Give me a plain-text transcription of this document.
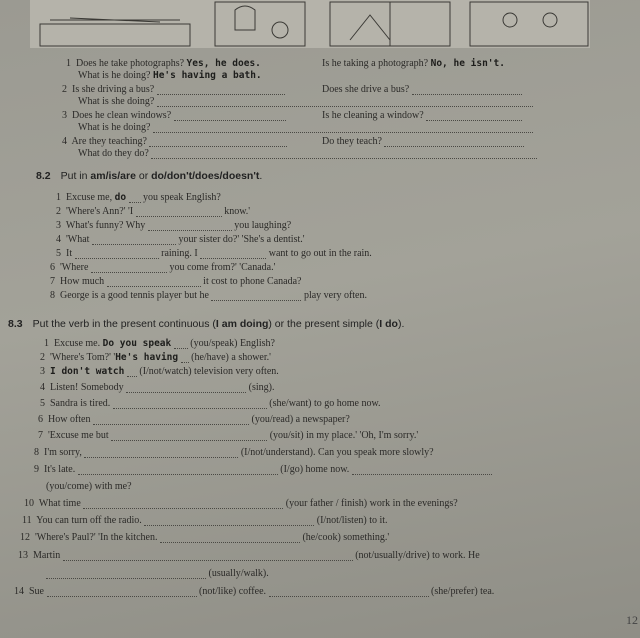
1 Does he take photographs? Yes, he does.	Is he taking a photograph? No, he isn't.
What is he doing? He's having a bath.
2 Is she driving a bus?	Does she drive a bus?
What is she doing?
3 Does he clean windows?	Is he cleaning a window?
What is he doing?
4 Are they teaching?	Do they teach?
What do they do?
8.2 Put in am/is/are or do/don't/does/doesn't.
1 Excuse me, do you speak English?
2 'Where's Ann?' 'I	know.'
3 What's funny? Why	you laughing?
4 'What	your sister do?' 'She's a dentist.'
5 It	raining. I	want to go out in the rain.
6 'Where	you come from?' 'Canada.'
7 How much	it cost to phone Canada?
8 George is a good tennis player but he	play very often.
8.3 Put the verb in the present continuous (I am doing) or the present simple (I do).
1 Excuse me. Do you speak (you/speak) English?
2 'Where's Tom?' 'He's having (he/have) a shower.'
3 I don't watch (I/not/watch) television very often.
4 Listen! Somebody	(sing).
5 Sandra is tired.	(she/want) to go home now.
6 How often	(you/read) a newspaper?
7 'Excuse me but	(you/sit) in my place.' 'Oh, I'm sorry.'
8 I'm sorry,	(I/not/understand). Can you speak more slowly?
9 It's late.	(I/go) home now.
(you/come) with me?
10 What time	(your father / finish) work in the evenings?
11 You can turn off the radio.	(I/not/listen) to it.
12 'Where's Paul?' 'In the kitchen.	(he/cook) something.'
13 Martin	(not/usually/drive) to work. He
(usually/walk).
14 Sue	(not/like) coffee.	(she/prefer) tea.
12
